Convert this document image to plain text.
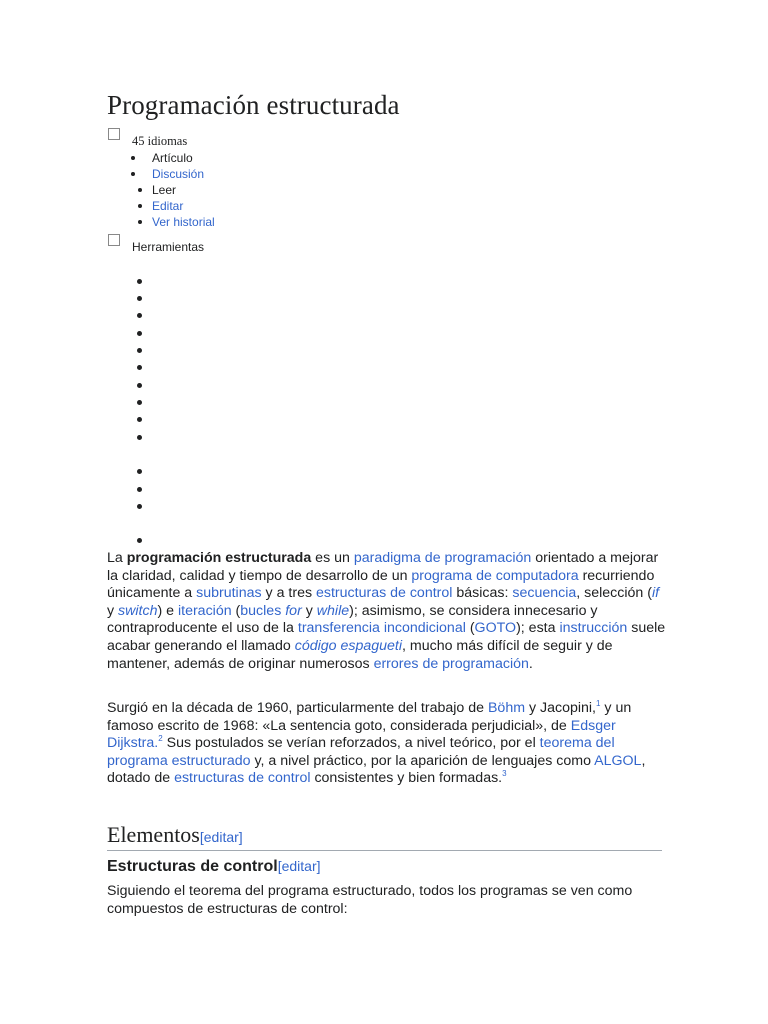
Programación estructurada
45 idiomas
Artículo
Discusión
Leer
Editar
Ver historial
Herramientas

La programación estructurada es un paradigma de programación orientado a mejorar la claridad, calidad y tiempo de desarrollo de un programa de computadora recurriendo únicamente a subrutinas y a tres estructuras de control básicas: secuencia, selección (if y switch) e iteración (bucles for y while); asimismo, se considera innecesario y contraproducente el uso de la transferencia incondicional (GOTO); esta instrucción suele acabar generando el llamado código espagueti, mucho más difícil de seguir y de mantener, además de originar numerosos errores de programación.

Surgió en la década de 1960, particularmente del trabajo de Böhm y Jacopini,$^1$ y un famoso escrito de 1968: «La sentencia goto, considerada perjudicial», de Edsger Dijkstra.$^2$ Sus postulados se verían reforzados, a nivel teórico, por el teorema del programa estructurado y, a nivel práctico, por la aparición de lenguajes como ALGOL, dotado de estructuras de control consistentes y bien formadas.$^3$

Elementos[editar]
Estructuras de control[editar]

Siguiendo el teorema del programa estructurado, todos los programas se ven como compuestos de estructuras de control:
